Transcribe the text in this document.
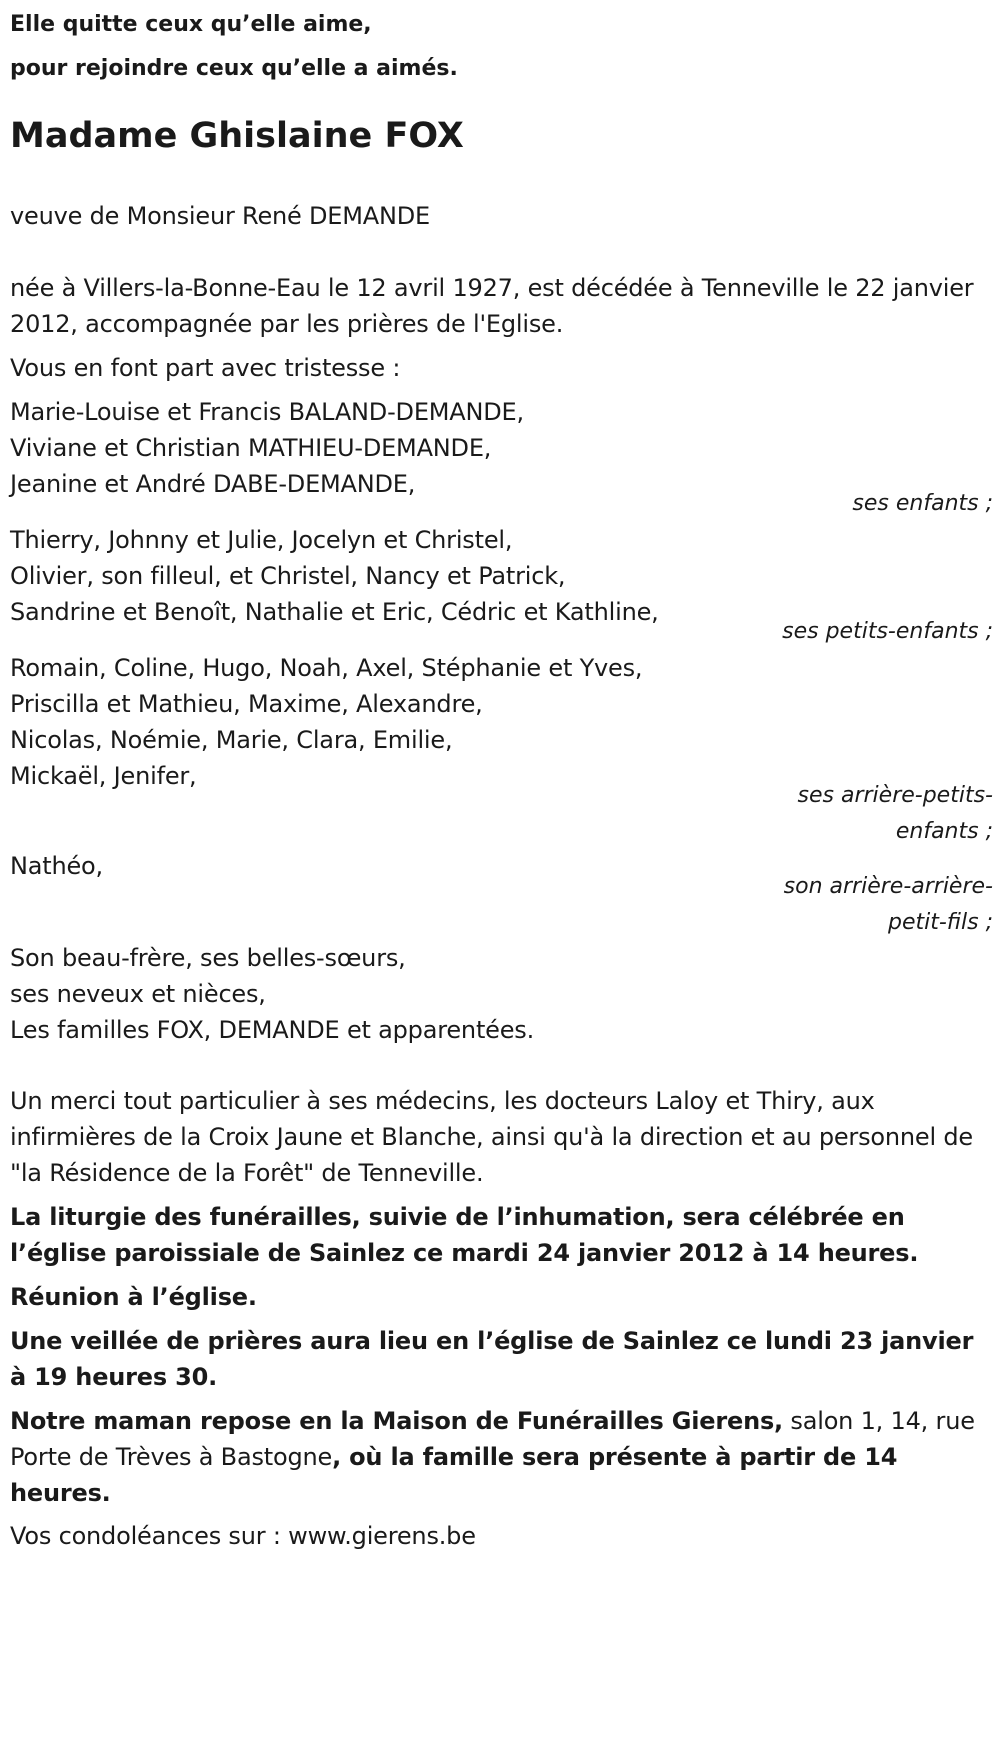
Elle quitte ceux qu’elle aime,
pour rejoindre ceux qu’elle a aimés.
Madame Ghislaine FOX
veuve de Monsieur René DEMANDE
née à Villers-la-Bonne-Eau le 12 avril 1927, est décédée à Tenneville le 22 janvier 2012, accompagnée par les prières de l'Eglise.
Vous en font part avec tristesse :
Marie-Louise et Francis BALAND-DEMANDE,
Viviane et Christian MATHIEU-DEMANDE,
Jeanine et André DABE-DEMANDE,
ses enfants ;
Thierry, Johnny et Julie, Jocelyn et Christel,
Olivier, son filleul, et Christel, Nancy et Patrick,
Sandrine et Benoît, Nathalie et Eric, Cédric et Kathline,
ses petits-enfants ;
Romain, Coline, Hugo, Noah, Axel, Stéphanie et Yves,
Priscilla et Mathieu, Maxime, Alexandre,
Nicolas, Noémie, Marie, Clara, Emilie,
Mickaël, Jenifer,
ses arrière-petits-
enfants ;
Nathéo,
son arrière-arrière-
petit-fils ;
Son beau-frère, ses belles-sœurs,
ses neveux et nièces,
Les familles FOX, DEMANDE et apparentées.
Un merci tout particulier à ses médecins, les docteurs Laloy et Thiry, aux infirmières de la Croix Jaune et Blanche, ainsi qu'à la direction et au personnel de "la Résidence de la Forêt" de Tenneville.
La liturgie des funérailles, suivie de l’inhumation, sera célébrée en l’église paroissiale de Sainlez ce mardi 24 janvier 2012 à 14 heures.
Réunion à l’église.
Une veillée de prières aura lieu en l’église de Sainlez ce lundi 23 janvier à 19 heures 30.
Notre maman repose en la Maison de Funérailles Gierens, salon 1, 14, rue Porte de Trèves à Bastogne, où la famille sera présente à partir de 14 heures.
Vos condoléances sur : www.gierens.be
